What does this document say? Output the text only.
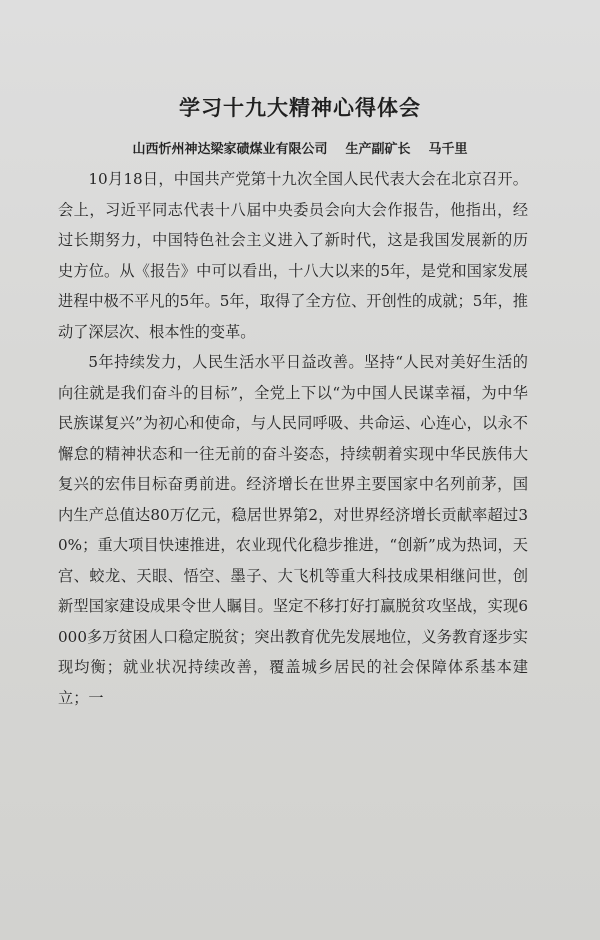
学习十九大精神心得体会
山西忻州神达梁家碛煤业有限公司 生产副矿长 马千里

10月18日，中国共产党第十九次全国人民代表大会在北京召开。会上，习近平同志代表十八届中央委员会向大会作报告，他指出，经过长期努力，中国特色社会主义进入了新时代，这是我国发展新的历史方位。从《报告》中可以看出，十八大以来的5年，是党和国家发展进程中极不平凡的5年。5年，取得了全方位、开创性的成就；5年，推动了深层次、根本性的变革。

5年持续发力，人民生活水平日益改善。坚持“人民对美好生活的向往就是我们奋斗的目标”，全党上下以“为中国人民谋幸福，为中华民族谋复兴”为初心和使命，与人民同呼吸、共命运、心连心，以永不懈怠的精神状态和一往无前的奋斗姿态，持续朝着实现中华民族伟大复兴的宏伟目标奋勇前进。经济增长在世界主要国家中名列前茅，国内生产总值达80万亿元，稳居世界第2，对世界经济增长贡献率超过30%；重大项目快速推进，农业现代化稳步推进，“创新”成为热词，天宫、蛟龙、天眼、悟空、墨子、大飞机等重大科技成果相继问世，创新型国家建设成果令世人瞩目。坚定不移打好打赢脱贫攻坚战，实现6000多万贫困人口稳定脱贫；突出教育优先发展地位，义务教育逐步实现均衡；就业状况持续改善，覆盖城乡居民的社会保障体系基本建立；一
